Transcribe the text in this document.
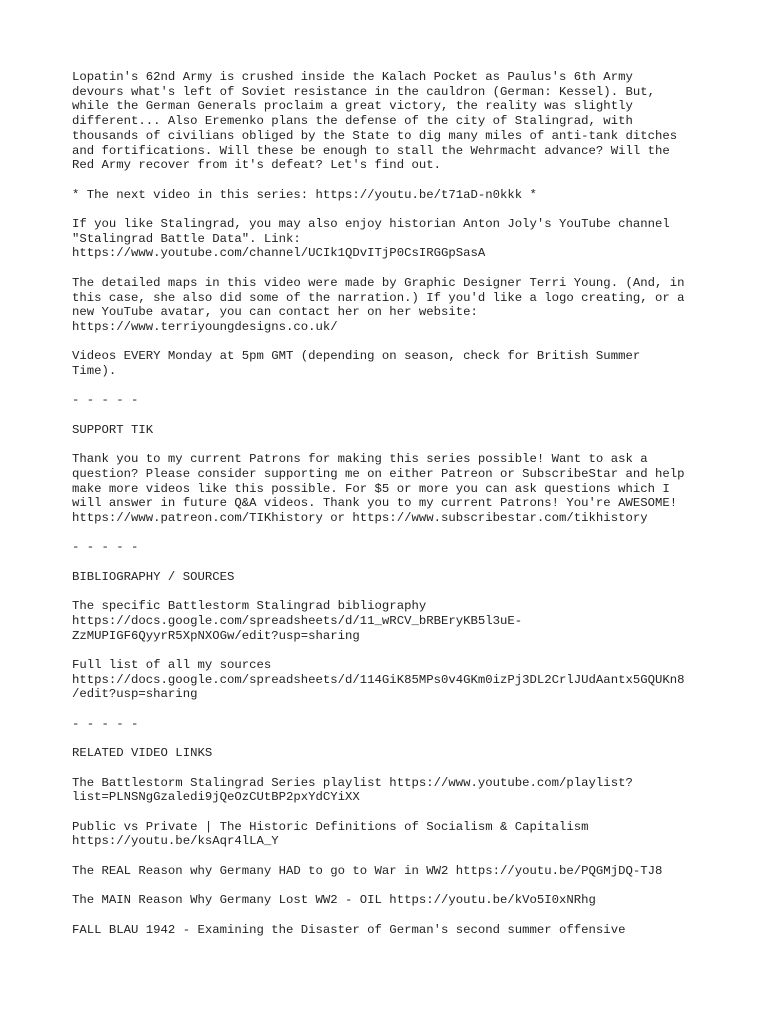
Lopatin's 62nd Army is crushed inside the Kalach Pocket as Paulus's 6th Army
devours what's left of Soviet resistance in the cauldron (German: Kessel). But,
while the German Generals proclaim a great victory, the reality was slightly
different... Also Eremenko plans the defense of the city of Stalingrad, with
thousands of civilians obliged by the State to dig many miles of anti-tank ditches
and fortifications. Will these be enough to stall the Wehrmacht advance? Will the
Red Army recover from it's defeat? Let's find out.
* The next video in this series: https://youtu.be/t71aD-n0kkk *
If you like Stalingrad, you may also enjoy historian Anton Joly's YouTube channel
"Stalingrad Battle Data". Link:
https://www.youtube.com/channel/UCIk1QDvITjP0CsIRGGpSasA
The detailed maps in this video were made by Graphic Designer Terri Young. (And, in
this case, she also did some of the narration.) If you'd like a logo creating, or a
new YouTube avatar, you can contact her on her website:
https://www.terriyoungdesigns.co.uk/
Videos EVERY Monday at 5pm GMT (depending on season, check for British Summer
Time).
- - - - -
SUPPORT TIK
Thank you to my current Patrons for making this series possible! Want to ask a
question? Please consider supporting me on either Patreon or SubscribeStar and help
make more videos like this possible. For $5 or more you can ask questions which I
will answer in future Q&A videos. Thank you to my current Patrons! You're AWESOME!
https://www.patreon.com/TIKhistory or https://www.subscribestar.com/tikhistory
- - - - -
BIBLIOGRAPHY / SOURCES
The specific Battlestorm Stalingrad bibliography
https://docs.google.com/spreadsheets/d/11_wRCV_bRBEryKB5l3uE-
ZzMUPIGF6QyyrR5XpNXOGw/edit?usp=sharing
Full list of all my sources
https://docs.google.com/spreadsheets/d/114GiK85MPs0v4GKm0izPj3DL2CrlJUdAantx5GQUKn8
/edit?usp=sharing
- - - - -
RELATED VIDEO LINKS
The Battlestorm Stalingrad Series playlist https://www.youtube.com/playlist?
list=PLNSNgGzaledi9jQeOzCUtBP2pxYdCYiXX
Public vs Private | The Historic Definitions of Socialism & Capitalism
https://youtu.be/ksAqr4lLA_Y
The REAL Reason why Germany HAD to go to War in WW2 https://youtu.be/PQGMjDQ-TJ8
The MAIN Reason Why Germany Lost WW2 - OIL https://youtu.be/kVo5I0xNRhg
FALL BLAU 1942 - Examining the Disaster of German's second summer offensive
